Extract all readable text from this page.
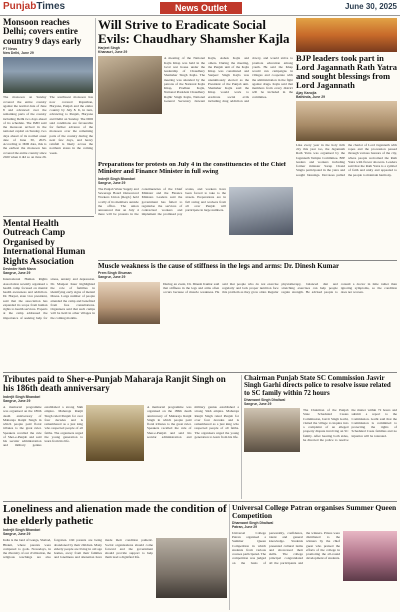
PunjabTimes	News Outlet	June 30, 2025
Monsoon reaches Delhi; covers entire country 9 days early
PT News
New Delhi, June 29
The monsoon on Sunday covered the entire country against the normal date of June 8 and advanced over the remaining parts of the country including Delhi two days ahead of its schedule. The IMD said the monsoon arrived in the national capital on Sunday, two days ahead of its normal onset date of June 30, 2025. According to IMD data, this is the earliest the monsoon has covered the entire country since 2020 when it did so on June 26. The southwest monsoon has now covered Rajasthan, Haryana, Punjab and the entire country by July 8. It, in turn, advancing to Punjab, Haryana and Delhi on Sunday. The IMD said conditions are favourable for further advance of the monsoon over the remaining parts of the country during the next few days, and heavy rainfall is likely across the northern states in the coming week.
Will Strive to Eradicate Social Evils: Chaudhary Shamsher Kajla
Harjeet Singh
Khanauri, June 29
A meeting of the National Kajla Khap was held in the local rest house under the leadership of Chaudhary Shamsher Singh Kajla. The meeting was attended by the patrons of the National Kajla Khap, Pradhan Kajla, National President Chaudhary Rajbir Singh Kajla, National General Secretary Jaswant Kajla, Ashok Kajla and others. During the meeting, the Punjab unit of the Kajla Khap was constituted and Sanjeev Singh Kajla was unanimously elected as the President of the Punjab unit. Shamsher Kajla said the Khap would work to eradicate social evils including drug addiction and dowry, and would strive to promote education among youth. He said the Khap would run campaigns in villages and cooperate with the administration in the fight against drugs. Kajla said that members from every district will be included in the committee.
BJP leaders took part in Lord Jagannath Rath Yatra and sought blessings from Lord Jagannath
Ajay Kanojia
Bathinda, June 29
Like every year in the holy tirth city this year too, the Jagannath Rath Yatra was organised by the Jagannath Temple Committee. BJP leaders and workers including former minister Sarup Chand Singla participated in the yatra and sought blessings. Devotees pulled the chariot of Lord Jagannath with ropes and the procession passed through various bazaars of the city, where people welcomed the Rath Yatra with flower showers. Leaders said that the Rath Yatra is a symbol of faith and unity and appealed to the people to maintain harmony.
Preparations for protests on July 4 in the constituencies of the Chief Minister and Finance Minister in full swing
Inderjit Singh Bhandari
Sangrur, June 29
The Punjab Water Supply and Sewerage Board Outsourced Workers Union (Regd.) held a rally of its members outside the office. The union announced that on July 4 there will be protests in the constituencies of the Chief Minister and the Finance Minister. Leaders said the government has failed to regularise the services of contractual workers and implement the promised pay scales, and workers have been forced to take to the streets. Preparations are in full swing and workers from all over Punjab will participate in large numbers.
Mental Health Outreach Camp Organised by International Human Rights Association
Devinder Nath Mann
Sangrur, June 29
International Human Rights Association recently organised a health camp focused on mental health awareness and addiction. Dr. Harpal, state vice president, said that the association has expanded its scope from human rights to health services. Experts at the camp addressed the importance of seeking help for stress, anxiety and depression. Dr. Manjeet Kaur highlighted the role of families in identifying early signs of mental illness. Large number of people attended the camp and benefited from free consultations. Organisers said that such camps will be held in other villages in the coming months.
Muscle weakness is the cause of stiffness in the legs and arms: Dr. Dinesh Kumar
Prem Singh Ghuman
Sangrur, June 29
During an event, Dr. Dinesh Kumar said that stiffness in the legs and arms often occurs because of muscle weakness. He said that people who do not exercise regularly and lack proper nutrition face this problem as they grow older. Regular physiotherapy, balanced diet and stretching exercises can help people regain strength. He advised people to consult a doctor in time rather than ignoring symptoms, so the condition does not worsen.
Tributes paid to Sher-e-Punjab Maharaja Ranjit Singh on his 186th death anniversary
Inderjit Singh Bhandari
Sangrur, June 29
A memorial programme was organised on the 186th death anniversary of Maharaja Ranjit Singh in which people paid floral tributes to the great ruler. Speakers recalled the rule of Sher-e-Punjab and said his secular administration and military genius established a strong Sikh empire. Maharaja Ranjit Singh ruled Punjab for over four decades and is remembered as a just king who respected people of all faiths. The organisers urged the young generation to learn from his life.
A memorial programme was organised on the 186th death anniversary of Maharaja Ranjit Singh in which people paid floral tributes to the great ruler. Speakers recalled the rule of Sher-e-Punjab and said his secular administration and military genius established a strong Sikh empire. Maharaja Ranjit Singh ruled Punjab for over four decades and is remembered as a just king who respected people of all faiths. The organisers urged the young generation to learn from his life.
Chairman Punjab State SC Commission Jasvir Singh Garhi directs police to resolve issue related to SC family within 72 hours
Dhanwant Singh Dhaliwal
Sangrur, June 29
The Chairman of the Punjab State Scheduled Castes Commission, Jasvir Singh Garhi, visited the village to inquire into a complaint of an alleged property dispute involving an SC family. After hearing both sides, he directed the police to resolve the matter within 72 hours and submit a report to the Commission. Garhi said that the Commission is committed to protecting the rights of Scheduled Caste families and no injustice will be tolerated.
Loneliness and alienation made the condition of the elderly pathetic
Inderjit Singh Bhandari
Sangrur, June 29
India is the land of Ganga, Shabad, Bhakti, where parents were compared to gods. Nowadays, in the diversity of our civilization, the religious teachings are also forgotten. Old parents are being abandoned by their children. Many elderly people are living in old age homes, away from their families and loneliness and alienation have made their condition pathetic. Social organisations should come forward and the government should provide support to help them lead a dignified life.
Universal College Patran organises Summer Queen Competition
Dhanwant Singh Dhaliwal
Patran, June 29
Universal College Patran organised a Summer Queen Competition in which students from various courses participated. The competition was judged on the basis of personality, confidence, talent and general knowledge. Students presented cultural items and showcased their skills. The college principal congratulated all the participants and the winners. Prizes were distributed to the winners by the chief guest who praised the efforts of the college in promoting the all-round development of students.
